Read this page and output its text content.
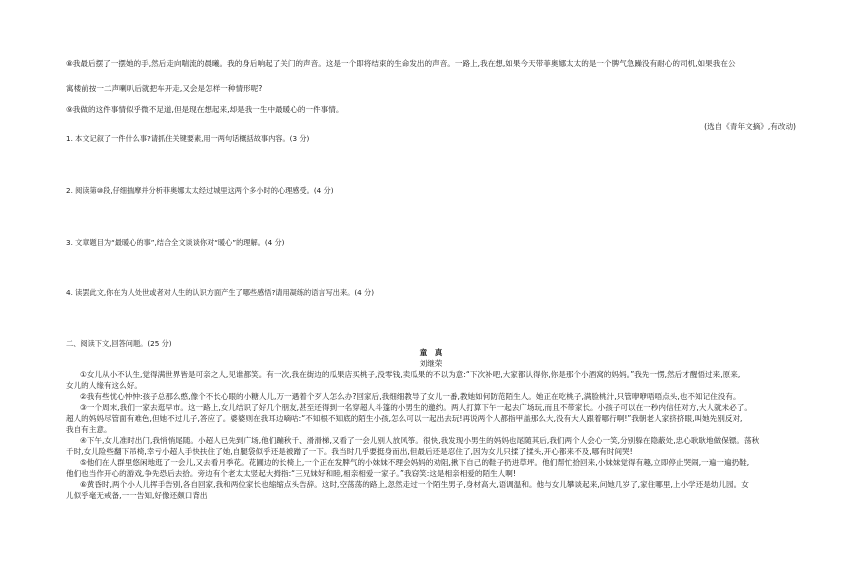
⑧我最后摆了一摆她的手,然后走向喘流的晨曦。我的身后响起了关门的声音。这是一个即将结束的生命发出的声音。一路上,我在想,如果今天带菲奥娜太太的是一个脾气急躁没有耐心的司机,如果我在公
寓楼前按一二声喇叭后就把车开走,又会是怎样一种情形呢?
⑨我做的这件事情似乎微不足道,但是现在想起来,却是我一生中最暖心的一件事情。
(选自《青年文摘》,有改动)
1. 本文记叙了一件什么事?请抓住关键要素,用一两句话概括故事内容。(3 分)
2. 阅读第⑩段,仔细揣摩并分析菲奥娜太太经过城里这两个多小时的心理感受。(4 分)
3. 文章题目为“最暖心的事”,结合全文谈谈你对“暖心”的理解。(4 分)
4. 读罢此文,你在为人处世或者对人生的认识方面产生了哪些感悟?请用凝练的语言写出来。(4 分)
二、阅读下文,回答问题。(25 分)
童　真
刘继荣
①女儿从小不认生,觉得满世界皆是可亲之人,见谁都笑。有一次,我在街边的瓜果店买桃子,没零钱,卖瓜果的不以为意:“下次补吧,大家都认得你,你是那个小酒窝的妈妈。”我先一愣,然后才醒悟过来,原来,
女儿的人缘有这么好。
②我有些忧心忡忡:孩子总那么憨,像个不长心眼的小糖人儿,万一遇着个歹人怎么办?回家后,我细细教导了女儿一番,教她如何防范陌生人。她正在吃桃子,满脸桃汁,只管咿咿唔唔点头,也不知记住没有。
③一个周末,我们一家去逛早市。这一路上,女儿结识了好几个朋友,甚至还得到一名穿超人斗篷的小男生的邀约。两人打算下午一起去广场玩,而且不带家长。小孩子可以在一秒内信任对方,大人就未必了。
超人的妈妈尽管面有难色,但她不过儿子,答应了。婆婆则在我耳边嘀咕:“不知根不知底的陌生小孩,怎么可以一起出去玩!再说两个人都指甲盖那么大,没有大人跟着哪行啊!”我朝老人家挤挤眼,叫她先别反对,
我自有主意。
④下午,女儿准时出门,我悄悄尾随。小超人已先到广场,他们蹦秋千、滑滑梯,又看了一会儿别人放风筝。很快,我发现小男生的妈妈也尾随其后,我们两个人会心一笑,分别躲在隐蔽处,忠心耿耿地做保镖。荡秋
千时,女儿险些翻下吊椅,幸亏小超人手快扶住了她,自腿袋似乎还是被蹭了一下。我当时几乎要挺身而出,但最后还是忍住了,因为女儿只揉了揉头,开心都来不及,哪有时间哭!
⑤他们在人群里悠闲地逛了一会儿,又去看月季花。花圃边的长椅上,一个正在发脾气的小妹妹不理会妈妈的劝阻,揪下自己的鞋子扔进草坪。他们帮忙拾回来,小妹妹觉得有趣,立即停止哭闹,一遍一遍扔鞋,
他们也当作开心的游戏,争先恐后去拾。旁边有个老太太竖起大拇指:“三兄妹好和睦,相亲相爱一家子。”我窃笑:这是相亲相爱的陌生人啊!
⑥黄昏时,两个小人儿挥手告别,各自回家,我和两位家长也缩缩点头告辞。这时,空荡荡的路上,忽然走过一个陌生男子,身材高大,语调温和。他与女儿攀谈起来,问她几岁了,家住哪里,上小学还是幼儿园。女
儿似乎毫无戒备,一一告知,好像还颇口背出
